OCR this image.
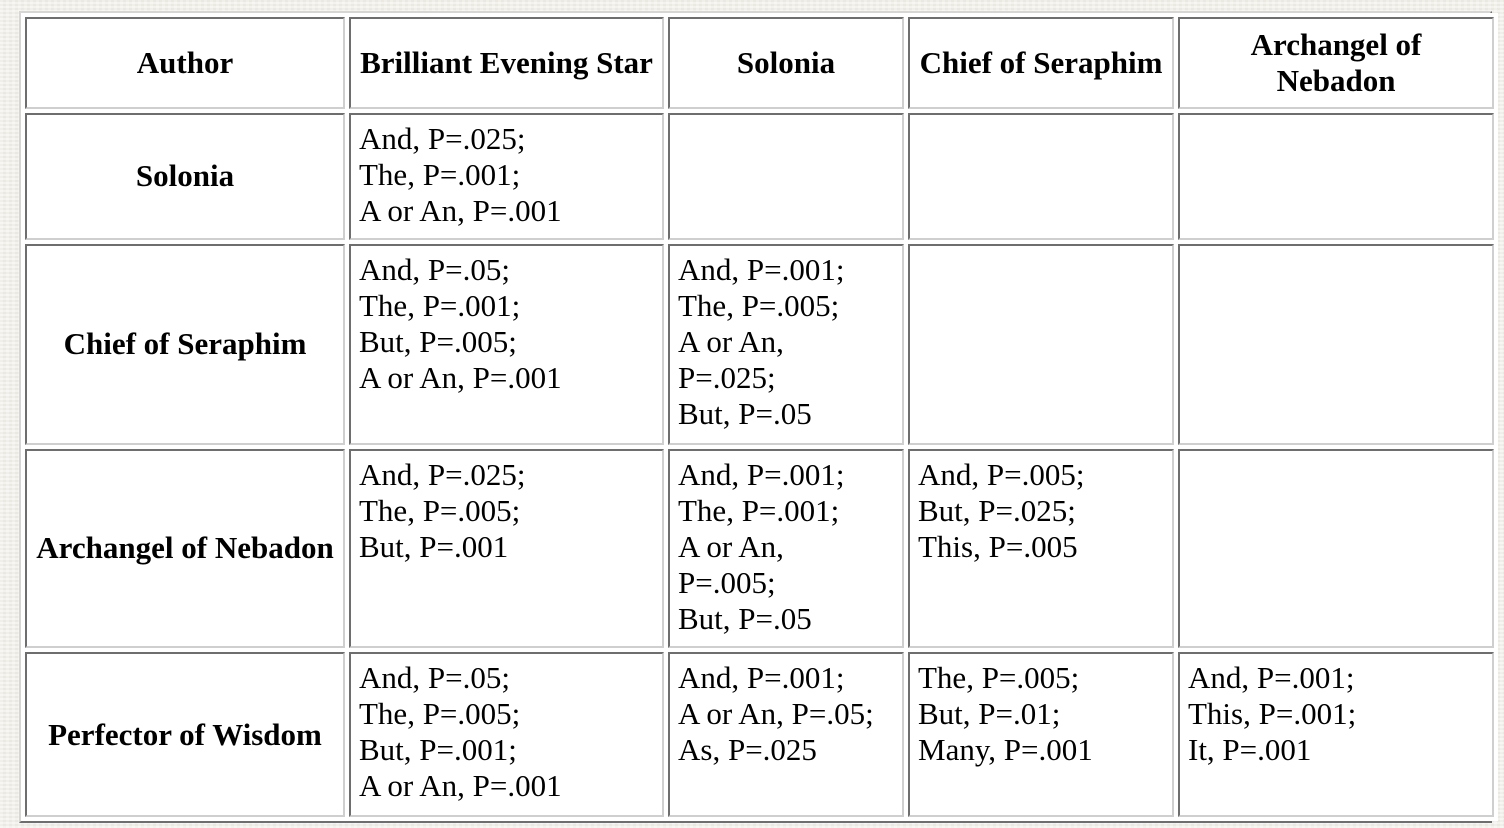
Author	Brilliant Evening Star	Solonia	Chief of Seraphim	Archangel of Nebadon
Solonia	And, P=.025;
The, P=.001;
A or An, P=.001			

Chief of Seraphim	And, P=.05;
The, P=.001;
But, P=.005;
A or An, P=.001	And, P=.001;
The, P=.005;
A or An,
P=.025;
But, P=.05		

Archangel of Nebadon	And, P=.025;
The, P=.005;
But, P=.001	And, P=.001;
The, P=.001;
A or An,
P=.005;
But, P=.05	And, P=.005;
But, P=.025;
This, P=.005	

Perfector of Wisdom	And, P=.05;
The, P=.005;
But, P=.001;
A or An, P=.001	And, P=.001;
A or An, P=.05;
As, P=.025	The, P=.005;
But, P=.01;
Many, P=.001	And, P=.001;
This, P=.001;
It, P=.001
